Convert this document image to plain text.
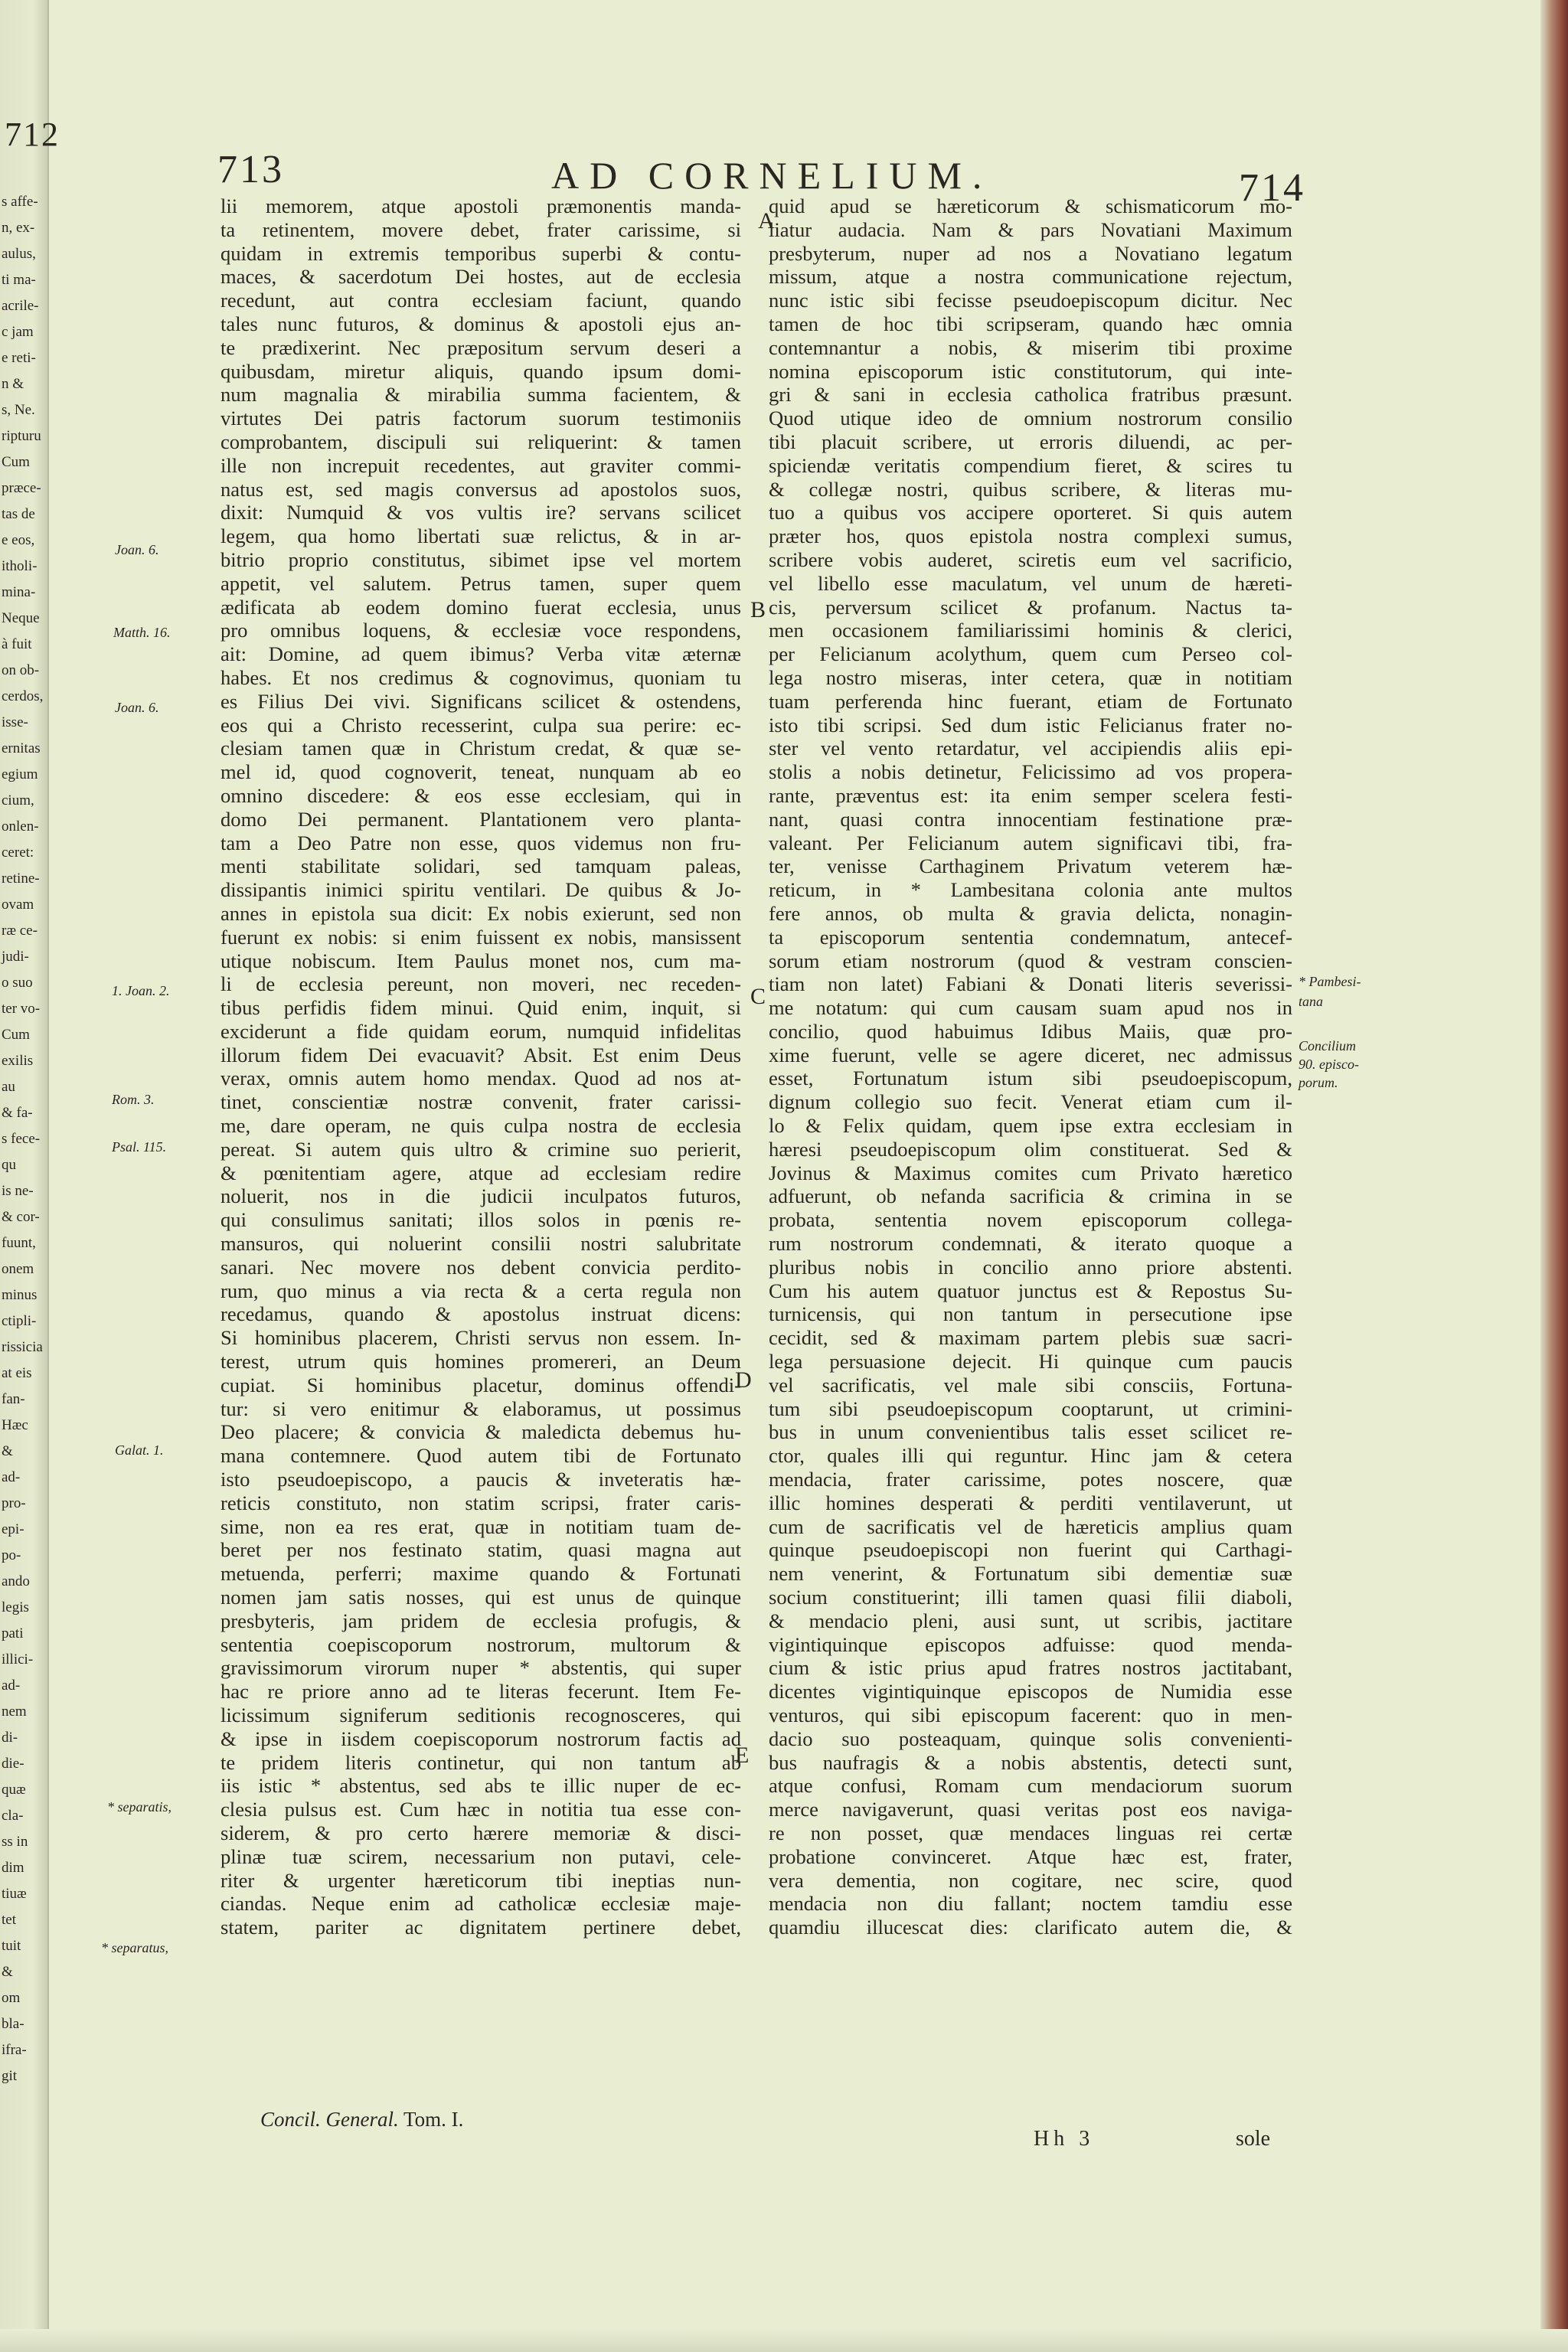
712
s affe-
n, ex-
aulus,
ti ma-
acrile-
c jam
e reti-
n &
s, Ne.
ripturu
Cum
præce-
tas de
e eos,
itholi-
mina-
Neque
à fuit
on ob-
cerdos,
isse-
ernitas
egium
cium,
onlen-
ceret:
retine-
ovam
ræ ce-
judi-
o suo
ter vo-
Cum
exilis
au
& fa-
s fece-
qu
is ne-
& cor-
fuunt,
onem
minus
ctipli-
rissicia
at eis
fan-
Hæc
&
ad-
pro-
epi-
po-
ando
legis
pati
illici-
ad-
nem
di-
die-
quæ
cla-
ss in
dim
tiuæ
tet
tuit
&
om
bla-
ifra-
git
713	AD CORNELIUM.	714

lii memorem, atque apostoli præmonentis manda-
ta retinentem, movere debet, frater carissime, si
quidam in extremis temporibus superbi & contu-
maces, & sacerdotum Dei hostes, aut de ecclesia
recedunt, aut contra ecclesiam faciunt, quando
tales nunc futuros, & dominus & apostoli ejus an-
te prædixerint. Nec præpositum servum deseri a
quibusdam, miretur aliquis, quando ipsum domi-
num magnalia & mirabilia summa facientem, &
virtutes Dei patris factorum suorum testimoniis
comprobantem, discipuli sui reliquerint: & tamen
ille non increpuit recedentes, aut graviter commi-
natus est, sed magis conversus ad apostolos suos,
dixit: Numquid & vos vultis ire? servans scilicet
legem, qua homo libertati suæ relictus, & in ar-
bitrio proprio constitutus, sibimet ipse vel mortem
appetit, vel salutem. Petrus tamen, super quem
ædificata ab eodem domino fuerat ecclesia, unus
pro omnibus loquens, & ecclesiæ voce respondens,
ait: Domine, ad quem ibimus? Verba vitæ æternæ
habes. Et nos credimus & cognovimus, quoniam tu
es Filius Dei vivi. Significans scilicet & ostendens,
eos qui a Christo recesserint, culpa sua perire: ec-
clesiam tamen quæ in Christum credat, & quæ se-
mel id, quod cognoverit, teneat, nunquam ab eo
omnino discedere: & eos esse ecclesiam, qui in
domo Dei permanent. Plantationem vero planta-
tam a Deo Patre non esse, quos videmus non fru-
menti stabilitate solidari, sed tamquam paleas,
dissipantis inimici spiritu ventilari. De quibus & Jo-
annes in epistola sua dicit: Ex nobis exierunt, sed non
fuerunt ex nobis: si enim fuissent ex nobis, mansissent
utique nobiscum. Item Paulus monet nos, cum ma-
li de ecclesia pereunt, non moveri, nec receden-
tibus perfidis fidem minui. Quid enim, inquit, si
exciderunt a fide quidam eorum, numquid infidelitas
illorum fidem Dei evacuavit? Absit. Est enim Deus
verax, omnis autem homo mendax. Quod ad nos at-
tinet, conscientiæ nostræ convenit, frater carissi-
me, dare operam, ne quis culpa nostra de ecclesia
pereat. Si autem quis ultro & crimine suo perierit,
& pœnitentiam agere, atque ad ecclesiam redire
noluerit, nos in die judicii inculpatos futuros,
qui consulimus sanitati; illos solos in pœnis re-
mansuros, qui noluerint consilii nostri salubritate
sanari. Nec movere nos debent convicia perdito-
rum, quo minus a via recta & a certa regula non
recedamus, quando & apostolus instruat dicens:
Si hominibus placerem, Christi servus non essem. In-
terest, utrum quis homines promereri, an Deum
cupiat. Si hominibus placetur, dominus offendi-
tur: si vero enitimur & elaboramus, ut possimus
Deo placere; & convicia & maledicta debemus hu-
mana contemnere. Quod autem tibi de Fortunato
isto pseudoepiscopo, a paucis & inveteratis hæ-
reticis constituto, non statim scripsi, frater caris-
sime, non ea res erat, quæ in notitiam tuam de-
beret per nos festinato statim, quasi magna aut
metuenda, perferri; maxime quando & Fortunati
nomen jam satis nosses, qui est unus de quinque
presbyteris, jam pridem de ecclesia profugis, &
sententia coepiscoporum nostrorum, multorum &
gravissimorum virorum nuper * abstentis, qui super
hac re priore anno ad te literas fecerunt. Item Fe-
licissimum signiferum seditionis recognosceres, qui
& ipse in iisdem coepiscoporum nostrorum factis ad
te pridem literis continetur, qui non tantum ab
iis istic * abstentus, sed abs te illic nuper de ec-
clesia pulsus est. Cum hæc in notitia tua esse con-
siderem, & pro certo hærere memoriæ & disci-
plinæ tuæ scirem, necessarium non putavi, cele-
riter & urgenter hæreticorum tibi ineptias nun-
ciandas. Neque enim ad catholicæ ecclesiæ maje-
statem, pariter ac dignitatem pertinere debet,

quid apud se hæreticorum & schismaticorum mo-
liatur audacia. Nam & pars Novatiani Maximum
presbyterum, nuper ad nos a Novatiano legatum
missum, atque a nostra communicatione rejectum,
nunc istic sibi fecisse pseudoepiscopum dicitur. Nec
tamen de hoc tibi scripseram, quando hæc omnia
contemnantur a nobis, & miserim tibi proxime
nomina episcoporum istic constitutorum, qui inte-
gri & sani in ecclesia catholica fratribus præsunt.
Quod utique ideo de omnium nostrorum consilio
tibi placuit scribere, ut erroris diluendi, ac per-
spiciendæ veritatis compendium fieret, & scires tu
& collegæ nostri, quibus scribere, & literas mu-
tuo a quibus vos accipere oporteret. Si quis autem
præter hos, quos epistola nostra complexi sumus,
scribere vobis auderet, sciretis eum vel sacrificio,
vel libello esse maculatum, vel unum de hæreti-
cis, perversum scilicet & profanum. Nactus ta-
men occasionem familiarissimi hominis & clerici,
per Felicianum acolythum, quem cum Perseo col-
lega nostro miseras, inter cetera, quæ in notitiam
tuam perferenda hinc fuerant, etiam de Fortunato
isto tibi scripsi. Sed dum istic Felicianus frater no-
ster vel vento retardatur, vel accipiendis aliis epi-
stolis a nobis detinetur, Felicissimo ad vos propera-
rante, præventus est: ita enim semper scelera festi-
nant, quasi contra innocentiam festinatione præ-
valeant. Per Felicianum autem significavi tibi, fra-
ter, venisse Carthaginem Privatum veterem hæ-
reticum, in * Lambesitana colonia ante multos
fere annos, ob multa & gravia delicta, nonagin-
ta episcoporum sententia condemnatum, antecef-
sorum etiam nostrorum (quod & vestram conscien-
tiam non latet) Fabiani & Donati literis severissi-
me notatum: qui cum causam suam apud nos in
concilio, quod habuimus Idibus Maiis, quæ pro-
xime fuerunt, velle se agere diceret, nec admissus
esset, Fortunatum istum sibi pseudoepiscopum,
dignum collegio suo fecit. Venerat etiam cum il-
lo & Felix quidam, quem ipse extra ecclesiam in
hæresi pseudoepiscopum olim constituerat. Sed &
Jovinus & Maximus comites cum Privato hæretico
adfuerunt, ob nefanda sacrificia & crimina in se
probata, sententia novem episcoporum collega-
rum nostrorum condemnati, & iterato quoque a
pluribus nobis in concilio anno priore abstenti.
Cum his autem quatuor junctus est & Repostus Su-
turnicensis, qui non tantum in persecutione ipse
cecidit, sed & maximam partem plebis suæ sacri-
lega persuasione dejecit. Hi quinque cum paucis
vel sacrificatis, vel male sibi consciis, Fortuna-
tum sibi pseudoepiscopum cooptarunt, ut crimini-
bus in unum convenientibus talis esset scilicet re-
ctor, quales illi qui reguntur. Hinc jam & cetera
mendacia, frater carissime, potes noscere, quæ
illic homines desperati & perditi ventilaverunt, ut
cum de sacrificatis vel de hæreticis amplius quam
quinque pseudoepiscopi non fuerint qui Carthagi-
nem venerint, & Fortunatum sibi dementiæ suæ
socium constituerint; illi tamen quasi filii diaboli,
& mendacio pleni, ausi sunt, ut scribis, jactitare
vigintiquinque episcopos adfuisse: quod menda-
cium & istic prius apud fratres nostros jactitabant,
dicentes vigintiquinque episcopos de Numidia esse
venturos, qui sibi episcopum facerent: quo in men-
dacio suo posteaquam, quinque solis convenienti-
bus naufragis & a nobis abstentis, detecti sunt,
atque confusi, Romam cum mendaciorum suorum
merce navigaverunt, quasi veritas post eos naviga-
re non posset, quæ mendaces linguas rei certæ
probatione convinceret. Atque hæc est, frater,
vera dementia, non cogitare, nec scire, quod
mendacia non diu fallant; noctem tamdiu esse
quamdiu illucescat dies: clarificato autem die, &

A
B
C
D
E
Joan. 6.
Matth. 16.
Joan. 6.
1. Joan. 2.
Rom. 3.
Psal. 115.
Galat. 1.
* separatis,
* separatus,
* Pambesi-
tana
Concilium
90. episco-
porum.
Concil. General. Tom. I.
Hh 3	sole
